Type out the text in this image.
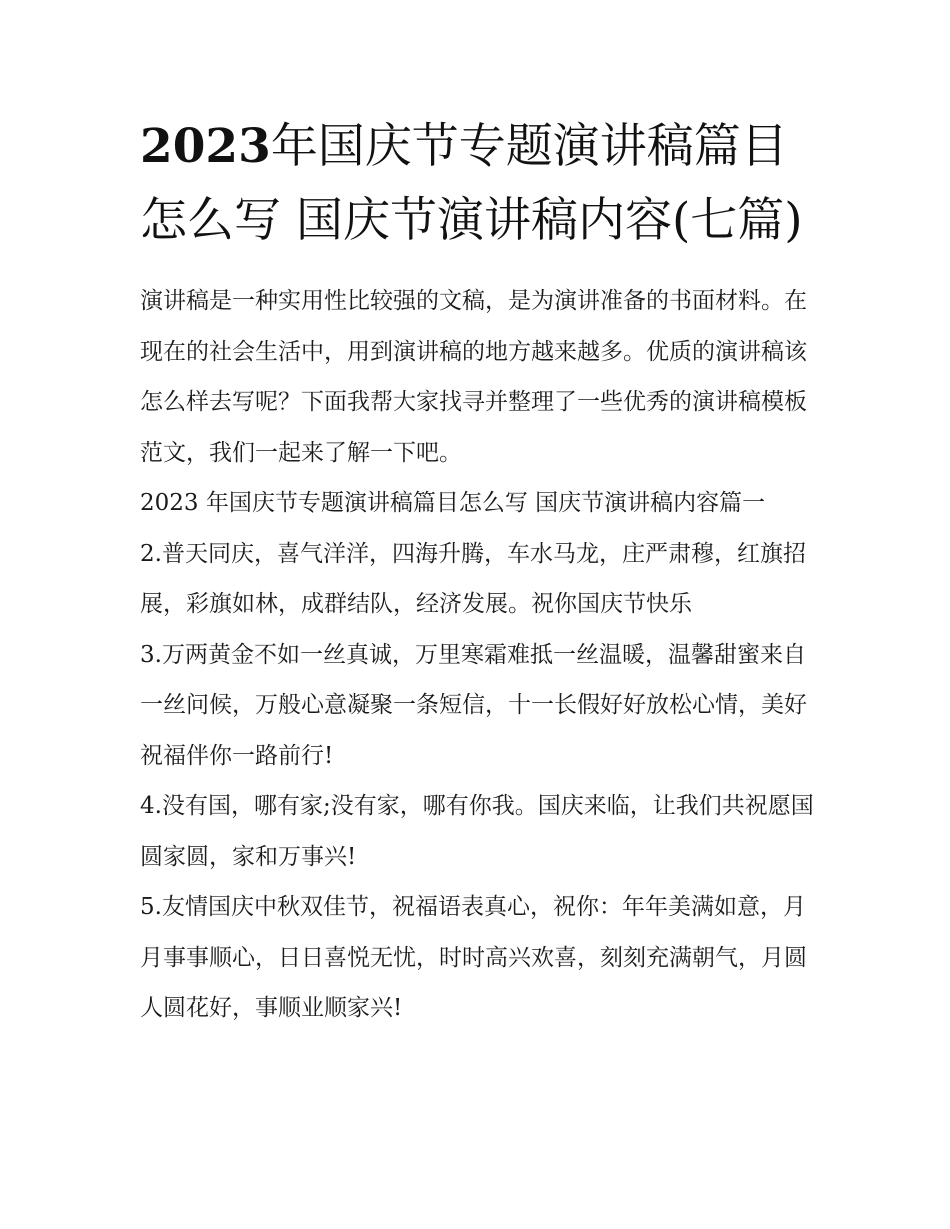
2023年国庆节专题演讲稿篇目怎么写 国庆节演讲稿内容(七篇)

演讲稿是一种实用性比较强的文稿，是为演讲准备的书面材料。在现在的社会生活中，用到演讲稿的地方越来越多。优质的演讲稿该怎么样去写呢？下面我帮大家找寻并整理了一些优秀的演讲稿模板范文，我们一起来了解一下吧。

2023 年国庆节专题演讲稿篇目怎么写 国庆节演讲稿内容篇一

2.普天同庆，喜气洋洋，四海升腾，车水马龙，庄严肃穆，红旗招展，彩旗如林，成群结队，经济发展。祝你国庆节快乐

3.万两黄金不如一丝真诚，万里寒霜难抵一丝温暖，温馨甜蜜来自一丝问候，万般心意凝聚一条短信，十一长假好好放松心情，美好祝福伴你一路前行!

4.没有国，哪有家;没有家，哪有你我。国庆来临，让我们共祝愿国圆家圆，家和万事兴!

5.友情国庆中秋双佳节，祝福语表真心，祝你：年年美满如意，月月事事顺心，日日喜悦无忧，时时高兴欢喜，刻刻充满朝气，月圆人圆花好，事顺业顺家兴!
